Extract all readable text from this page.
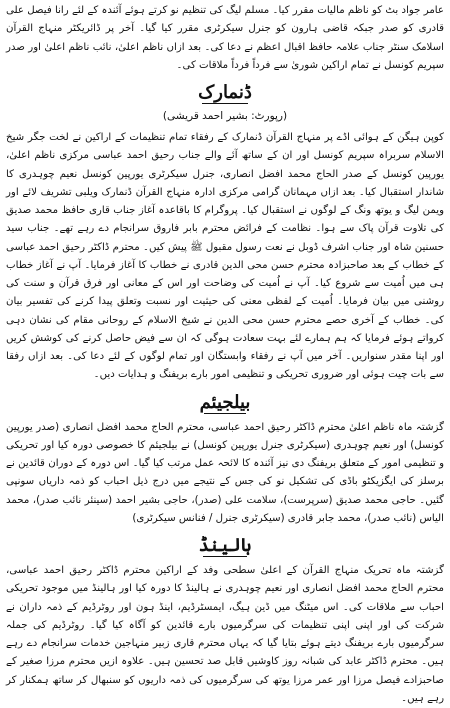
عامر جواد بٹ کو ناظم مالیات مقرر کیا۔ مسلم لیگ کی تنظیم نو کرتے ہوئے آئندہ کے لئے رانا فیصل علی قادری کو صدر جبکہ قاضی ہارون کو جنرل سیکرٹری مقرر کیا گیا۔ آخر پر ڈائریکٹر منہاج القرآن اسلامک سنٹر جناب علامہ حافظ اقبال اعظم نے دعا کی۔ بعد ازاں ناظم اعلیٰ، نائب ناظم اعلیٰ اور صدر سپریم کونسل نے تمام اراکین شوریٰ سے فرداً فرداً ملاقات کی۔

ڈنمارک
(رپورٹ: بشیر احمد قریشی)

کوپن ہیگن کے ہوائی اڈے پر منہاج القرآن ڈنمارک کے رفقاء تمام تنظیمات کے اراکین نے لخت جگر شیخ الاسلام سربراہ سپریم کونسل اور ان کے ساتھ آئے والے جناب رحیق احمد عباسی مرکزی ناظم اعلیٰ، یورپین کونسل کے صدر الحاج محمد افضل انصاری، جنرل سیکرٹری یورپین کونسل نعیم چوہدری کا شاندار استقبال کیا۔ بعد ازاں مہمانان گرامی مرکزی ادارہ منہاج القرآن ڈنمارک ویلبی تشریف لائے اور ویمن لیگ و یوتھ ونگ کے لوگوں نے استقبال کیا۔ پروگرام کا باقاعدہ آغاز جناب قاری حافظ محمد صدیق کی تلاوت قرآن پاک سے ہوا۔ نظامت کے فرائض محترم بابر فاروق سرانجام دے رہے تھے۔ جناب سید حسنین شاہ اور جناب اشرف ڈوبل نے نعت رسول مقبول ﷺ پیش کیں۔ محترم ڈاکٹر رحیق احمد عباسی کے خطاب کے بعد صاحبزادہ محترم حسن محی الدین قادری نے خطاب کا آغاز فرمایا۔ آپ نے آغاز خطاب ہی میں اُمیت سے شروع کیا۔ آپ نے اُمیت کی وضاحت اور اس کے معانی اور فرق قرآن و سنت کی روشنی میں بیان فرمایا۔ اُمیت کے لفظی معنی کی حیثیت اور نسبت وتعلق پیدا کرنے کی تفسیر بیان کی۔ خطاب کے آخری حصے محترم حسن محی الدین نے شیخ الاسلام کے روحانی مقام کی نشان دہی کرواتے ہوئے فرمایا کہ ہم ہمارے لئے بہت سعادت ہوگی کہ ان سے فیض حاصل کرنے کی کوشش کریں اور اپنا مقدر سنواریں۔ آخر میں آپ نے رفقاء وابستگان اور تمام لوگوں کے لئے دعا کی۔ بعد ازاں رفقا سے بات چیت ہوئی اور ضروری تحریکی و تنظیمی امور بارے بریفنگ و ہدایات دیں۔

بیلجیئم

گزشتہ ماہ ناظم اعلیٰ محترم ڈاکٹر رحیق احمد عباسی، محترم الحاج محمد افضل انصاری (صدر یورپین کونسل) اور نعیم چوہدری (سیکرٹری جنرل یورپین کونسل) نے بیلجیئم کا خصوصی دورہ کیا اور تحریکی و تنظیمی امور کے متعلق بریفنگ دی نیز آئندہ کا لائحہ عمل مرتب کیا گیا۔ اس دورہ کے دوران قائدین نے برسلز کی ایگزیکٹو باڈی کی تشکیل نو کی جس کے نتیجے میں درج ذیل احباب کو ذمہ داریاں سونپی گئیں۔ حاجی محمد صدیق (سرپرست)، سلامت علی (صدر)، حاجی بشیر احمد (سینئر نائب صدر)، محمد الیاس (نائب صدر)، محمد جابر قادری (سیکرٹری جنرل / فنانس سیکرٹری)

ہالینڈ

گزشتہ ماہ تحریک منہاج القرآن کے اعلیٰ سطحی وفد کے اراکین محترم ڈاکٹر رحیق احمد عباسی، محترم الحاج محمد افضل انصاری اور نعیم چوہدری نے ہالینڈ کا دورہ کیا اور ہالینڈ میں موجود تحریکی احباب سے ملاقات کی۔ اس میٹنگ میں ڈین ہیگ، ایمسٹرڈیم، اینڈ ہون اور روٹرڈیم کے ذمہ داران نے شرکت کی اور اپنی اپنی تنظیمات کی سرگرمیوں بارے قائدین کو آگاہ کیا گیا۔ روٹرڈیم کی جملہ سرگرمیوں بارے بریفنگ دیتے ہوئے بتایا گیا کہ یہاں محترم قاری زبیر منہاجین خدمات سرانجام دے رہے ہیں۔ محترم ڈاکٹر عابد کی شبانہ روز کاوشیں قابل صد تحسین ہیں۔ علاوہ ازیں محترم مرزا صغیر کے صاحبزادے فیصل مرزا اور عمر مرزا یوتھ کی سرگرمیوں کی ذمہ داریوں کو سنبھال کر ساتھ ہمکنار کر رہے ہیں۔
